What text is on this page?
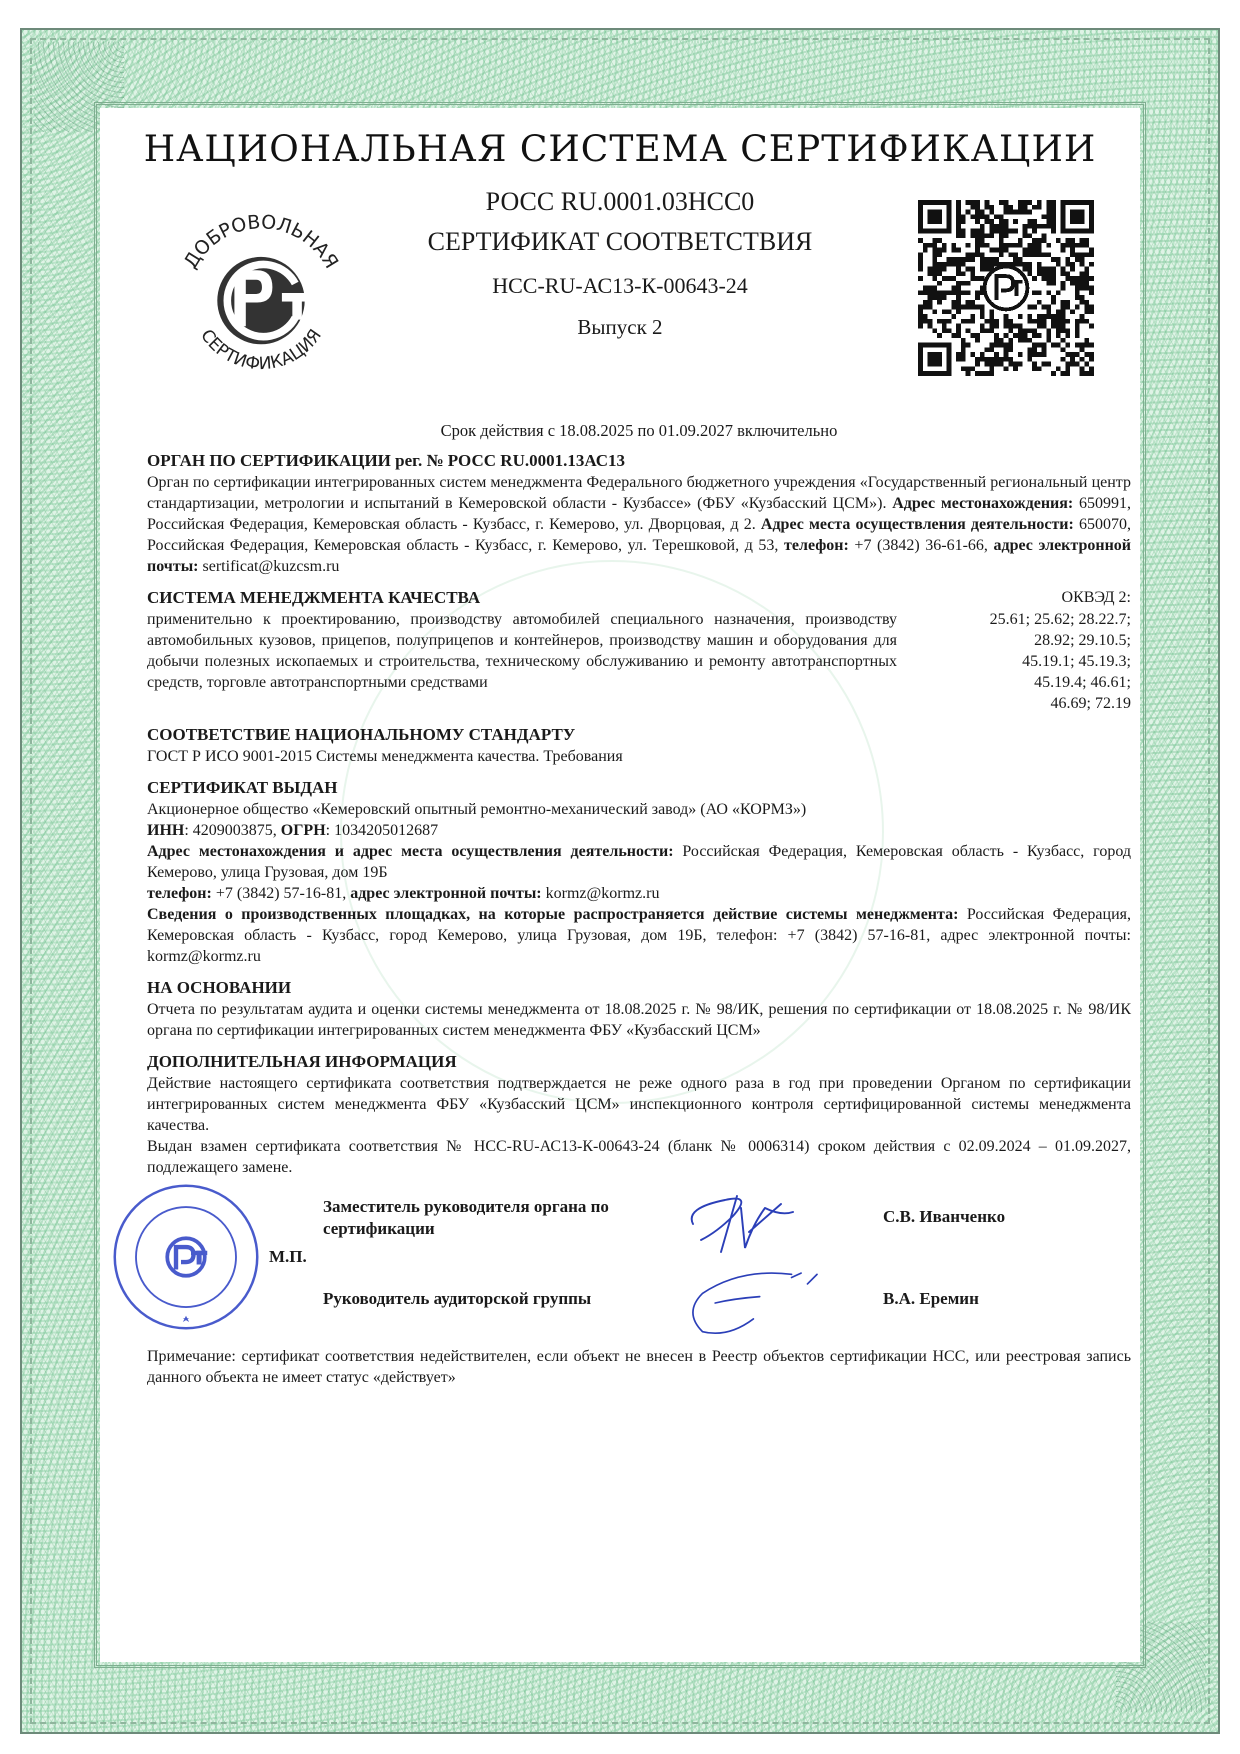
НАЦИОНАЛЬНАЯ СИСТЕМА СЕРТИФИКАЦИИ
РОСС RU.0001.03НСС0
СЕРТИФИКАТ СООТВЕТСТВИЯ
НСС-RU-АС13-К-00643-24
Выпуск 2
ДОБРОВОЛЬНАЯ
СЕРТИФИКАЦИЯ
Срок действия с 18.08.2025 по 01.09.2027 включительно
ОРГАН ПО СЕРТИФИКАЦИИ рег. № РОСС RU.0001.13АС13

Орган по сертификации интегрированных систем менеджмента Федерального бюджетного учреждения «Государственный региональный центр стандартизации, метрологии и испытаний в Кемеровской области - Кузбассе» (ФБУ «Кузбасский ЦСМ»). Адрес местонахождения: 650991, Российская Федерация, Кемеровская область - Кузбасс, г. Кемерово, ул. Дворцовая, д 2. Адрес места осуществления деятельности: 650070, Российская Федерация, Кемеровская область - Кузбасс, г. Кемерово, ул. Терешковой, д 53, телефон: +7 (3842) 36-61-66, адрес электронной почты: sertificat@kuzcsm.ru

СИСТЕМА МЕНЕДЖМЕНТА КАЧЕСТВА

применительно к проектированию, производству автомобилей специального назначения, производству автомобильных кузовов, прицепов, полуприцепов и контейнеров, производству машин и оборудования для добычи полезных ископаемых и строительства, техническому обслуживанию и ремонту автотранспортных средств, торговле автотранспортными средствами

ОКВЭД 2:
25.61; 25.62; 28.22.7;
28.92; 29.10.5;
45.19.1; 45.19.3;
45.19.4; 46.61;
46.69; 72.19
СООТВЕТСТВИЕ НАЦИОНАЛЬНОМУ СТАНДАРТУ

ГОСТ Р ИСО 9001-2015 Системы менеджмента качества. Требования

СЕРТИФИКАТ ВЫДАН

Акционерное общество «Кемеровский опытный ремонтно-механический завод» (АО «КОРМЗ»)

ИНН: 4209003875, ОГРН: 1034205012687

Адрес местонахождения и адрес места осуществления деятельности: Российская Федерация, Кемеровская область - Кузбасс, город Кемерово, улица Грузовая, дом 19Б

телефон: +7 (3842) 57-16-81, адрес электронной почты: kormz@kormz.ru

Сведения о производственных площадках, на которые распространяется действие системы менеджмента: Российская Федерация, Кемеровская область - Кузбасс, город Кемерово, улица Грузовая, дом 19Б, телефон: +7 (3842) 57-16-81, адрес электронной почты: kormz@kormz.ru

НА ОСНОВАНИИ

Отчета по результатам аудита и оценки системы менеджмента от 18.08.2025 г. № 98/ИК, решения по сертификации от 18.08.2025 г. № 98/ИК органа по сертификации интегрированных систем менеджмента ФБУ «Кузбасский ЦСМ»

ДОПОЛНИТЕЛЬНАЯ ИНФОРМАЦИЯ

Действие настоящего сертификата соответствия подтверждается не реже одного раза в год при проведении Органом по сертификации интегрированных систем менеджмента ФБУ «Кузбасский ЦСМ» инспекционного контроля сертифицированной системы менеджмента качества.

Выдан взамен сертификата соответствия № НСС-RU-АС13-К-00643-24 (бланк № 0006314) сроком действия с 02.09.2024 – 01.09.2027, подлежащего замене.

Заместитель руководителя органа по сертификации
М.П.
С.В. Иванченко
Руководитель аудиторской группы	В.А. Еремин
Примечание: сертификат соответствия недействителен, если объект не внесен в Реестр объектов сертификации НСС, или реестровая запись данного объекта не имеет статус «действует»
